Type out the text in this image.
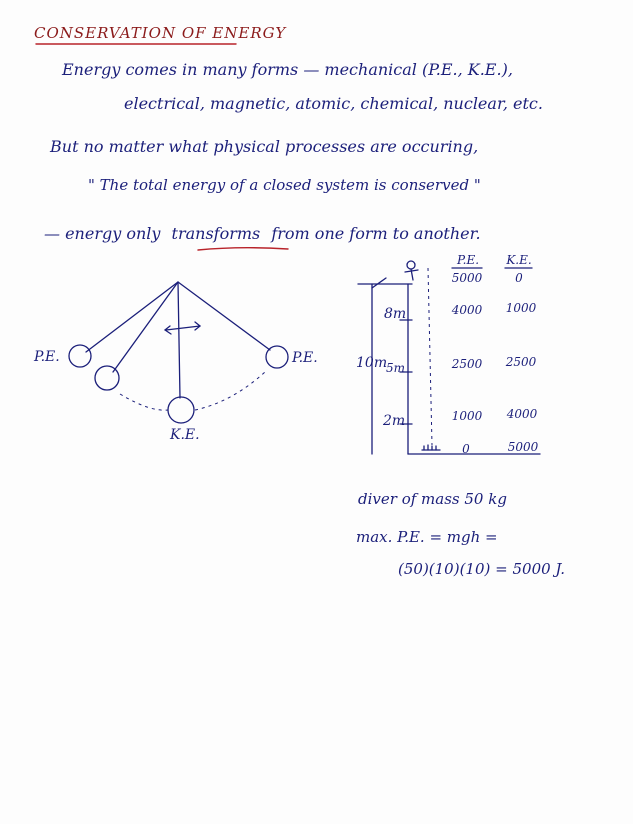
CONSERVATION OF ENERGY
Energy comes in many forms — mechanical (P.E., K.E.),
electrical, magnetic, atomic, chemical, nuclear, etc.
But no matter what physical processes are occuring,
" The total energy of a closed system is conserved "
— energy only transforms from one form to another.
P.E.	P.E.
K.E.
10m
8m
5m
2m
P.E.	K.E.
5000	0
4000	1000
2500	2500
1000	4000
0	5000
diver of mass 50 kg
max. P.E. = mgh =
(50)(10)(10) = 5000 J.
